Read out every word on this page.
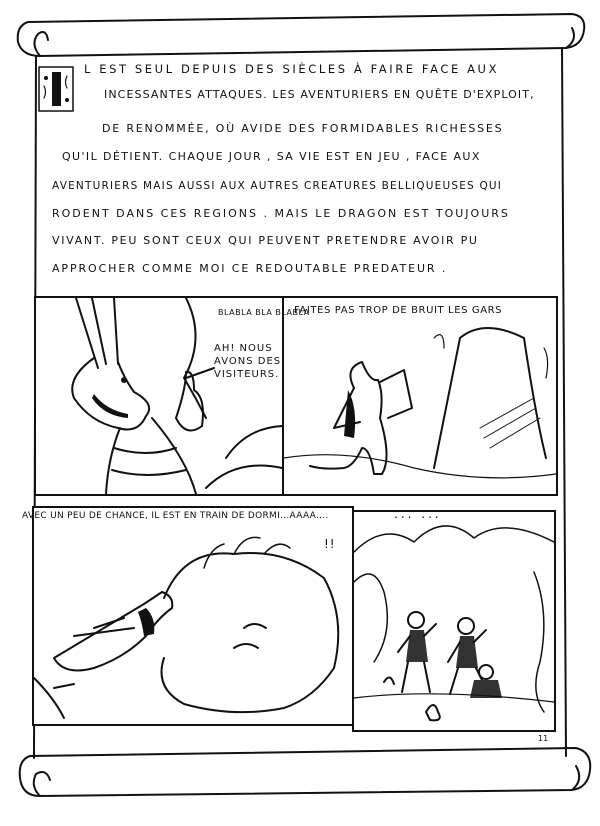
L EST SEUL DEPUIS DES SIÈCLES À FAIRE FACE AUX
INCESSANTES ATTAQUES. LES AVENTURIERS EN QUÊTE D'EXPLOIT,
DE RENOMMÉE, OÙ AVIDE DES FORMIDABLES RICHESSES
QU'IL DÉTIENT. CHAQUE JOUR , SA VIE EST EN JEU , FACE AUX
AVENTURIERS MAIS AUSSI AUX AUTRES CREATURES BELLIQUEUSES QUI
RODENT DANS CES REGIONS . MAIS LE DRAGON EST TOUJOURS
VIVANT. PEU SONT CEUX QUI PEUVENT PRETENDRE AVOIR PU
APPROCHER COMME MOI CE REDOUTABLE PREDATEUR .
AH! NOUS AVONS DES VISITEURS.
BLABLA BLA BLABLA
FAITES PAS TROP DE BRUIT LES GARS
AVEC UN PEU DE CHANCE, IL EST EN TRAIN DE DORMI...AAAA....
!!
... ...
11
